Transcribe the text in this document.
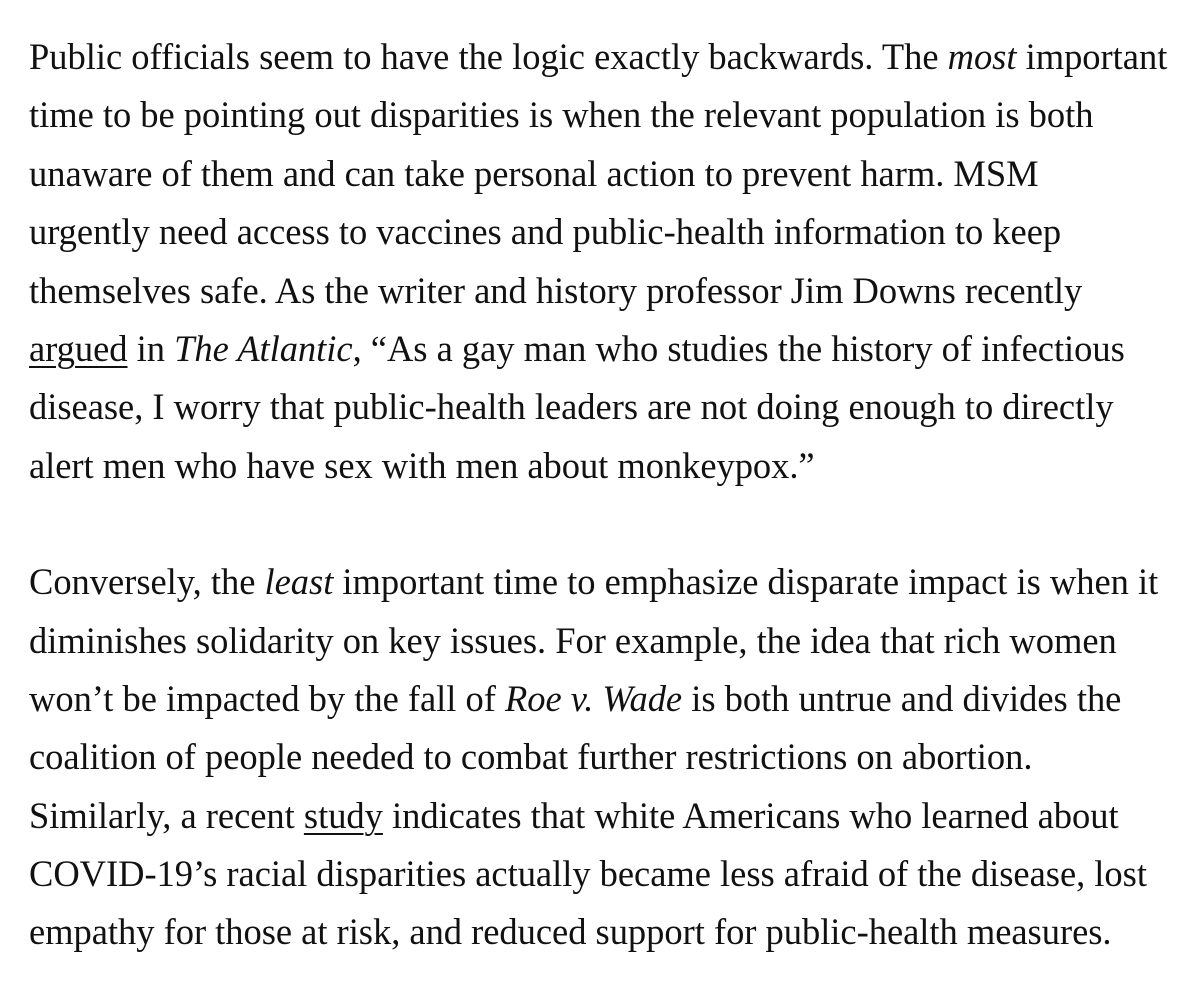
Public officials seem to have the logic exactly backwards. The most important
time to be pointing out disparities is when the relevant population is both
unaware of them and can take personal action to prevent harm. MSM
urgently need access to vaccines and public-health information to keep
themselves safe. As the writer and history professor Jim Downs recently
argued in The Atlantic, “As a gay man who studies the history of infectious
disease, I worry that public-health leaders are not doing enough to directly
alert men who have sex with men about monkeypox.”

Conversely, the least important time to emphasize disparate impact is when it
diminishes solidarity on key issues. For example, the idea that rich women
won’t be impacted by the fall of Roe v. Wade is both untrue and divides the
coalition of people needed to combat further restrictions on abortion.
Similarly, a recent study indicates that white Americans who learned about
COVID-19’s racial disparities actually became less afraid of the disease, lost
empathy for those at risk, and reduced support for public-health measures.
